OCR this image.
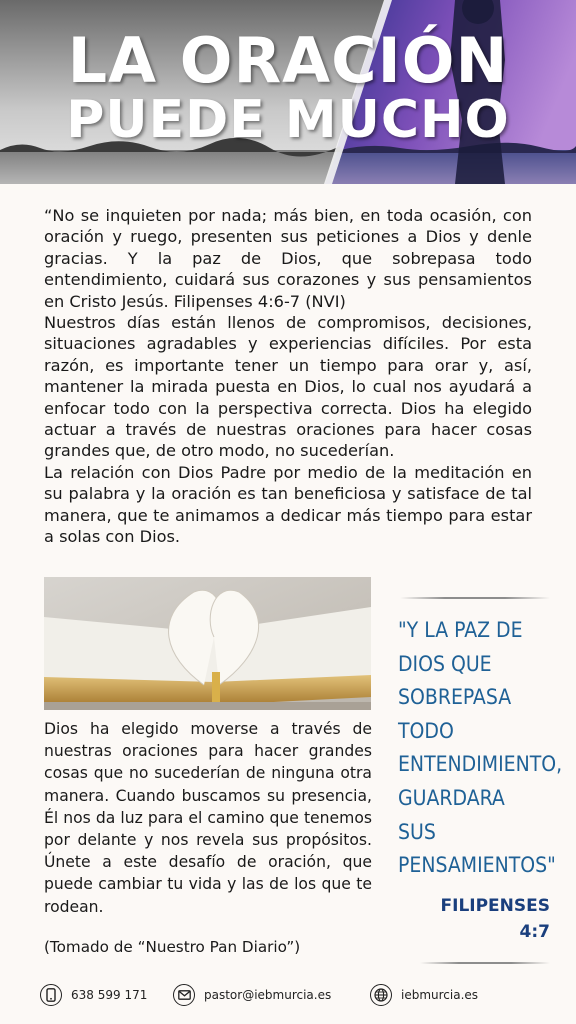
LA ORACIÓN
PUEDE MUCHO

“No se inquieten por nada; más bien, en toda ocasión, con oración y ruego, presenten sus peticiones a Dios y denle gracias. Y la paz de Dios, que sobrepasa todo entendimiento, cuidará sus corazones y sus pensamientos en Cristo Jesús. Filipenses 4:6-7 (NVI)

Nuestros días están llenos de compromisos, decisiones, situaciones agradables y experiencias difíciles. Por esta razón, es importante tener un tiempo para orar y, así, mantener la mirada puesta en Dios, lo cual nos ayudará a enfocar todo con la perspectiva correcta. Dios ha elegido actuar a través de nuestras oraciones para hacer cosas grandes que, de otro modo, no sucederían.

La relación con Dios Padre por medio de la meditación en su palabra y la oración es tan beneficiosa y satisface de tal manera, que te animamos a dedicar más tiempo para estar a solas con Dios.

Dios ha elegido moverse a través de nuestras oraciones para hacer grandes cosas que no sucederían de ninguna otra manera. Cuando buscamos su presencia, Él nos da luz para el camino que tenemos por delante y nos revela sus propósitos. Únete a este desafío de oración, que puede cambiar tu vida y las de los que te rodean.

(Tomado de “Nuestro Pan Diario”)

"Y LA PAZ DE
DIOS QUE
SOBREPASA
TODO
ENTENDIMIENTO,
GUARDARA
SUS
PENSAMIENTOS"
FILIPENSES
4:7
638 599 171	pastor@iebmurcia.es	iebmurcia.es
